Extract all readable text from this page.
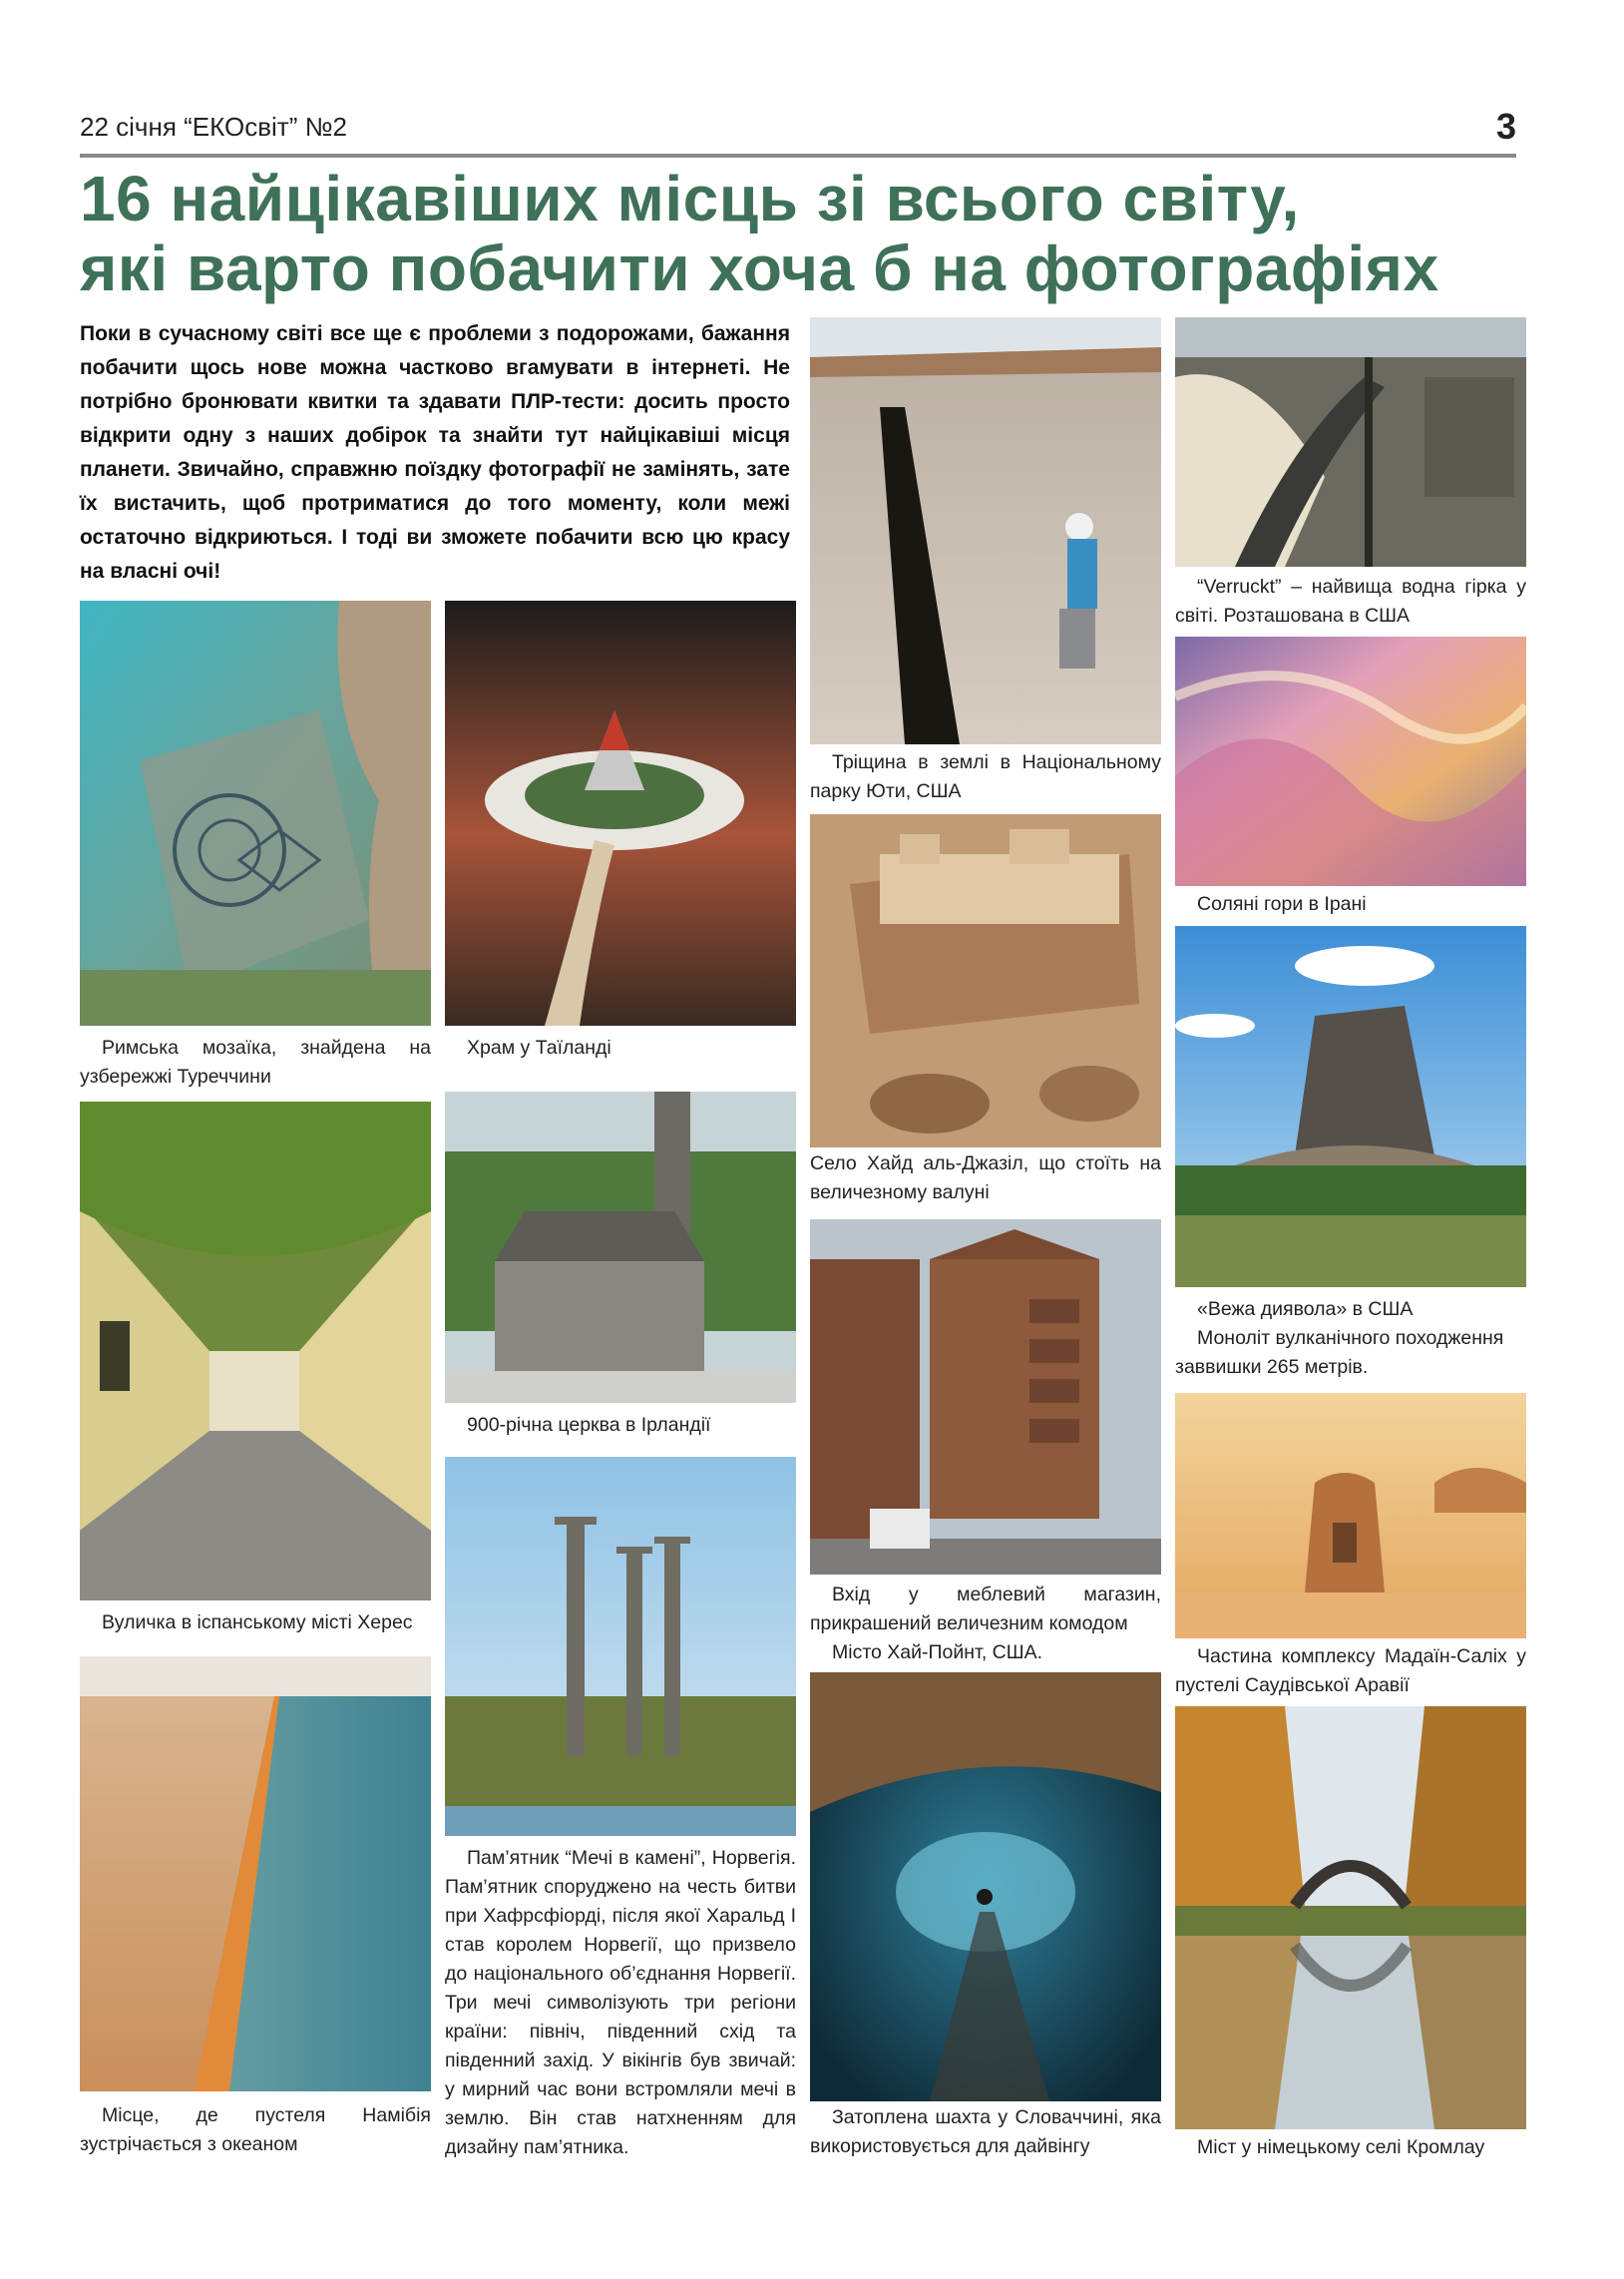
22 січня “ЕКОсвіт” №2	3
16 найцікавіших місць зі всього світу,
які варто побачити хоча б на фотографіях

Поки в сучасному світі все ще є проблеми з подорожами, бажання побачити щось нове можна частково вгамувати в інтернеті. Не потрібно бронювати квитки та здавати ПЛР-тести: досить просто відкрити одну з наших добірок та знайти тут найцікавіші місця планети. Звичайно, справжню поїздку фотографії не замінять, зате їх вистачить, щоб протриматися до того моменту, коли межі остаточно відкриються. І тоді ви зможете побачити всю цю красу на власні очі!

Римська мозаїка, знайдена на узбережжі Туреччини
Вуличка в іспанському місті Херес
Місце, де пустеля Намібія зустрічається з океаном
Храм у Таїланді
900-річна церква в Ірландії
Пам’ятник “Мечі в камені”, Норвегія. Пам’ятник споруджено на честь битви при Хафрсфіорді, після якої Харальд І став королем Норвегії, що призвело до національного об’єднання Норвегії. Три мечі символізують три регіони країни: північ, південний схід та південний захід. У вікінгів був звичай: у мирний час вони встромляли мечі в землю. Він став натхненням для дизайну пам’ятника.
Тріщина в землі в Національному парку Юти, США
Село Хайд аль-Джазіл, що стоїть на величезному валуні

Вхід у меблевий магазин, прикрашений величезним комодом

Місто Хай-Пойнт, США.

Затоплена шахта у Словаччині, яка використовується для дайвінгу
“Verruckt” – найвища водна гірка у світі. Розташована в США
Соляні гори в Ірані

«Вежа диявола» в США

Моноліт вулканічного походження заввишки 265 метрів.

Частина комплексу Мадаїн-Саліх у пустелі Саудівської Аравії
Міст у німецькому селі Кромлау
